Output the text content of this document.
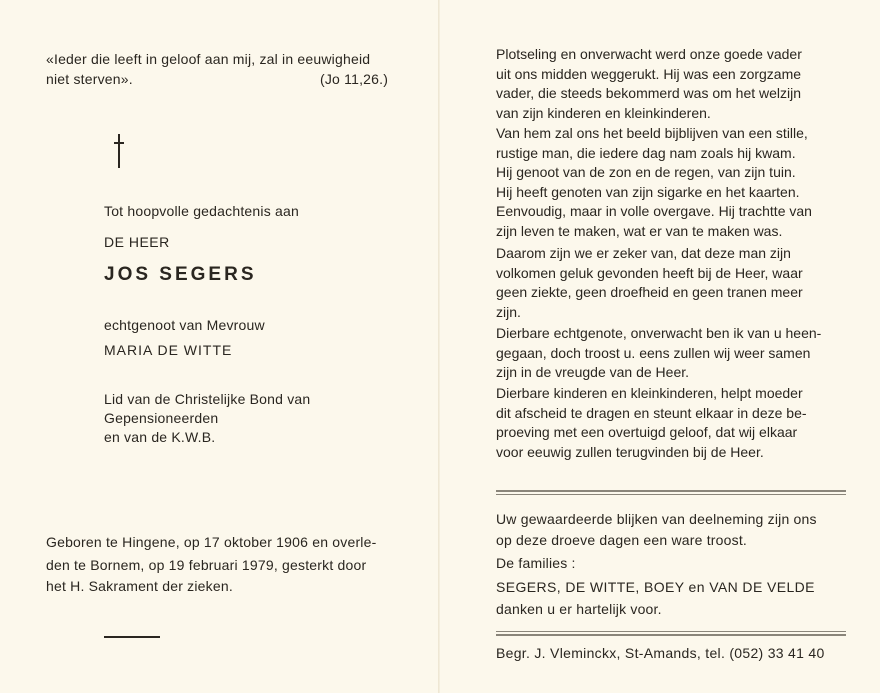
«Ieder die leeft in geloof aan mij, zal in eeuwigheid
niet sterven».	(Jo 11,26.)
Tot hoopvolle gedachtenis aan
DE HEER
JOS SEGERS
echtgenoot van Mevrouw
MARIA DE WITTE
Lid van de Christelijke Bond van
Gepensioneerden
en van de K.W.B.
Geboren te Hingene, op 17 oktober 1906 en overle-
den te Bornem, op 19 februari 1979, gesterkt door
het H. Sakrament der zieken.
Plotseling en onverwacht werd onze goede vader
uit ons midden weggerukt. Hij was een zorgzame
vader, die steeds bekommerd was om het welzijn
van zijn kinderen en kleinkinderen.
Van hem zal ons het beeld bijblijven van een stille,
rustige man, die iedere dag nam zoals hij kwam.
Hij genoot van de zon en de regen, van zijn tuin.
Hij heeft genoten van zijn sigarke en het kaarten.
Eenvoudig, maar in volle overgave. Hij trachtte van
zijn leven te maken, wat er van te maken was.
Daarom zijn we er zeker van, dat deze man zijn
volkomen geluk gevonden heeft bij de Heer, waar
geen ziekte, geen droefheid en geen tranen meer
zijn.
Dierbare echtgenote, onverwacht ben ik van u heen-
gegaan, doch troost u. eens zullen wij weer samen
zijn in de vreugde van de Heer.
Dierbare kinderen en kleinkinderen, helpt moeder
dit afscheid te dragen en steunt elkaar in deze be-
proeving met een overtuigd geloof, dat wij elkaar
voor eeuwig zullen terugvinden bij de Heer.
Uw gewaardeerde blijken van deelneming zijn ons
op deze droeve dagen een ware troost.
De families :
SEGERS, DE WITTE, BOEY en VAN DE VELDE
danken u er hartelijk voor.
Begr. J. Vleminckx, St-Amands, tel. (052) 33 41 40
